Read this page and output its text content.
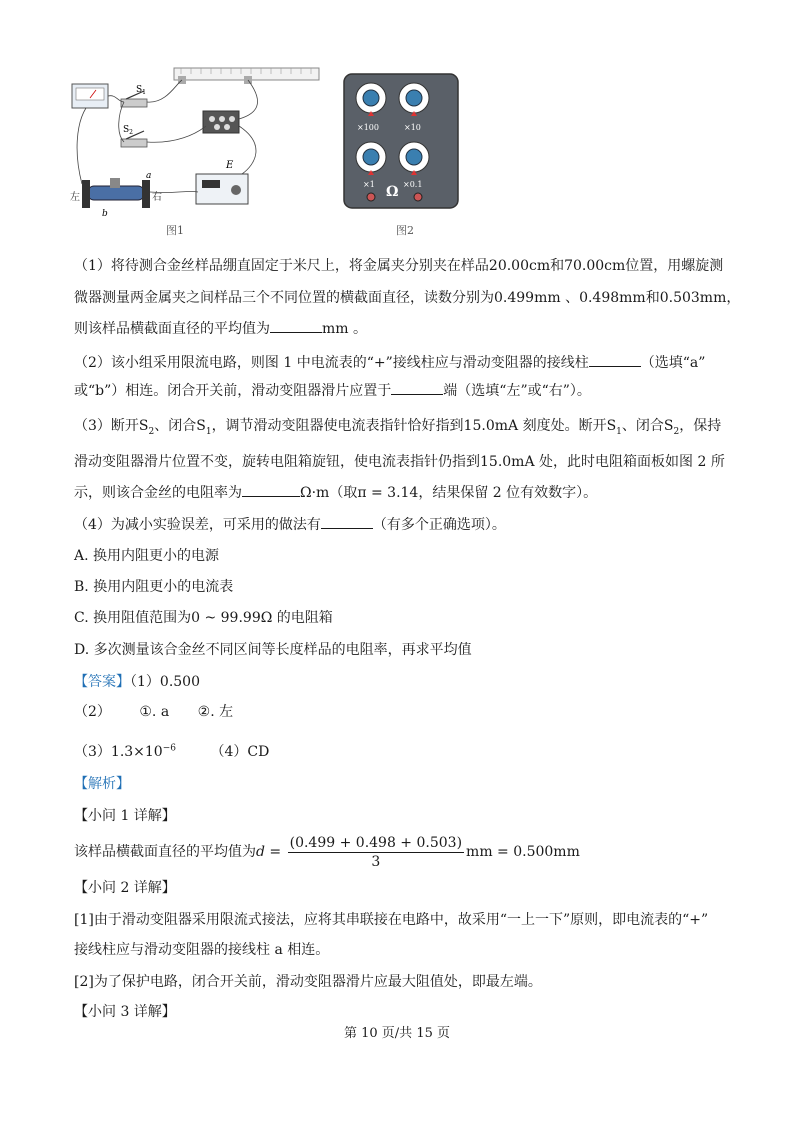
$S_1$
$S_2$
左	右
a
b
E
图1
×100	×10
×1	×0.1
Ω
图2
（1）将待测合金丝样品绷直固定于米尺上，将金属夹分别夹在样品20.00cm和70.00cm位置，用螺旋测
微器测量两金属夹之间样品三个不同位置的横截面直径，读数分别为0.499mm 、0.498mm和0.503mm，
则该样品横截面直径的平均值为	mm 。
（2）该小组采用限流电路，则图 1 中电流表的“+”接线柱应与滑动变阻器的接线柱	（选填“a”
或“b”）相连。闭合开关前，滑动变阻器滑片应置于	端（选填“左”或“右”）。
（3）断开$S_2$、闭合$S_1$，调节滑动变阻器使电流表指针恰好指到15.0mA 刻度处。断开$S_1$、闭合$S_2$，保持
滑动变阻器滑片位置不变，旋转电阻箱旋钮，使电流表指针仍指到15.0mA 处，此时电阻箱面板如图 2 所
示，则该合金丝的电阻率为	Ω·m（取π = 3.14，结果保留 2 位有效数字）。
（4）为减小实验误差，可采用的做法有	（有多个正确选项）。
A. 换用内阻更小的电源
B. 换用内阻更小的电流表
C. 换用阻值范围为0 ~ 99.99Ω 的电阻箱
D. 多次测量该合金丝不同区间等长度样品的电阻率，再求平均值
【答案】（1）0.500
（2） ①. a ②. 左
$(3)1.3\times 10^{-6}$ （4）CD
【解析】
【小问 1 详解】
该样品横截面直径的平均值为$d = \frac{(0.499 + 0.498 + 0.503)}{3}$ mm = 0.500mm
【小问 2 详解】
[1]由于滑动变阻器采用限流式接法，应将其串联接在电路中，故采用“一上一下”原则，即电流表的“+”
接线柱应与滑动变阻器的接线柱 a 相连。
[2]为了保护电路，闭合开关前，滑动变阻器滑片应最大阻值处，即最左端。
【小问 3 详解】
第 10 页/共 15 页
